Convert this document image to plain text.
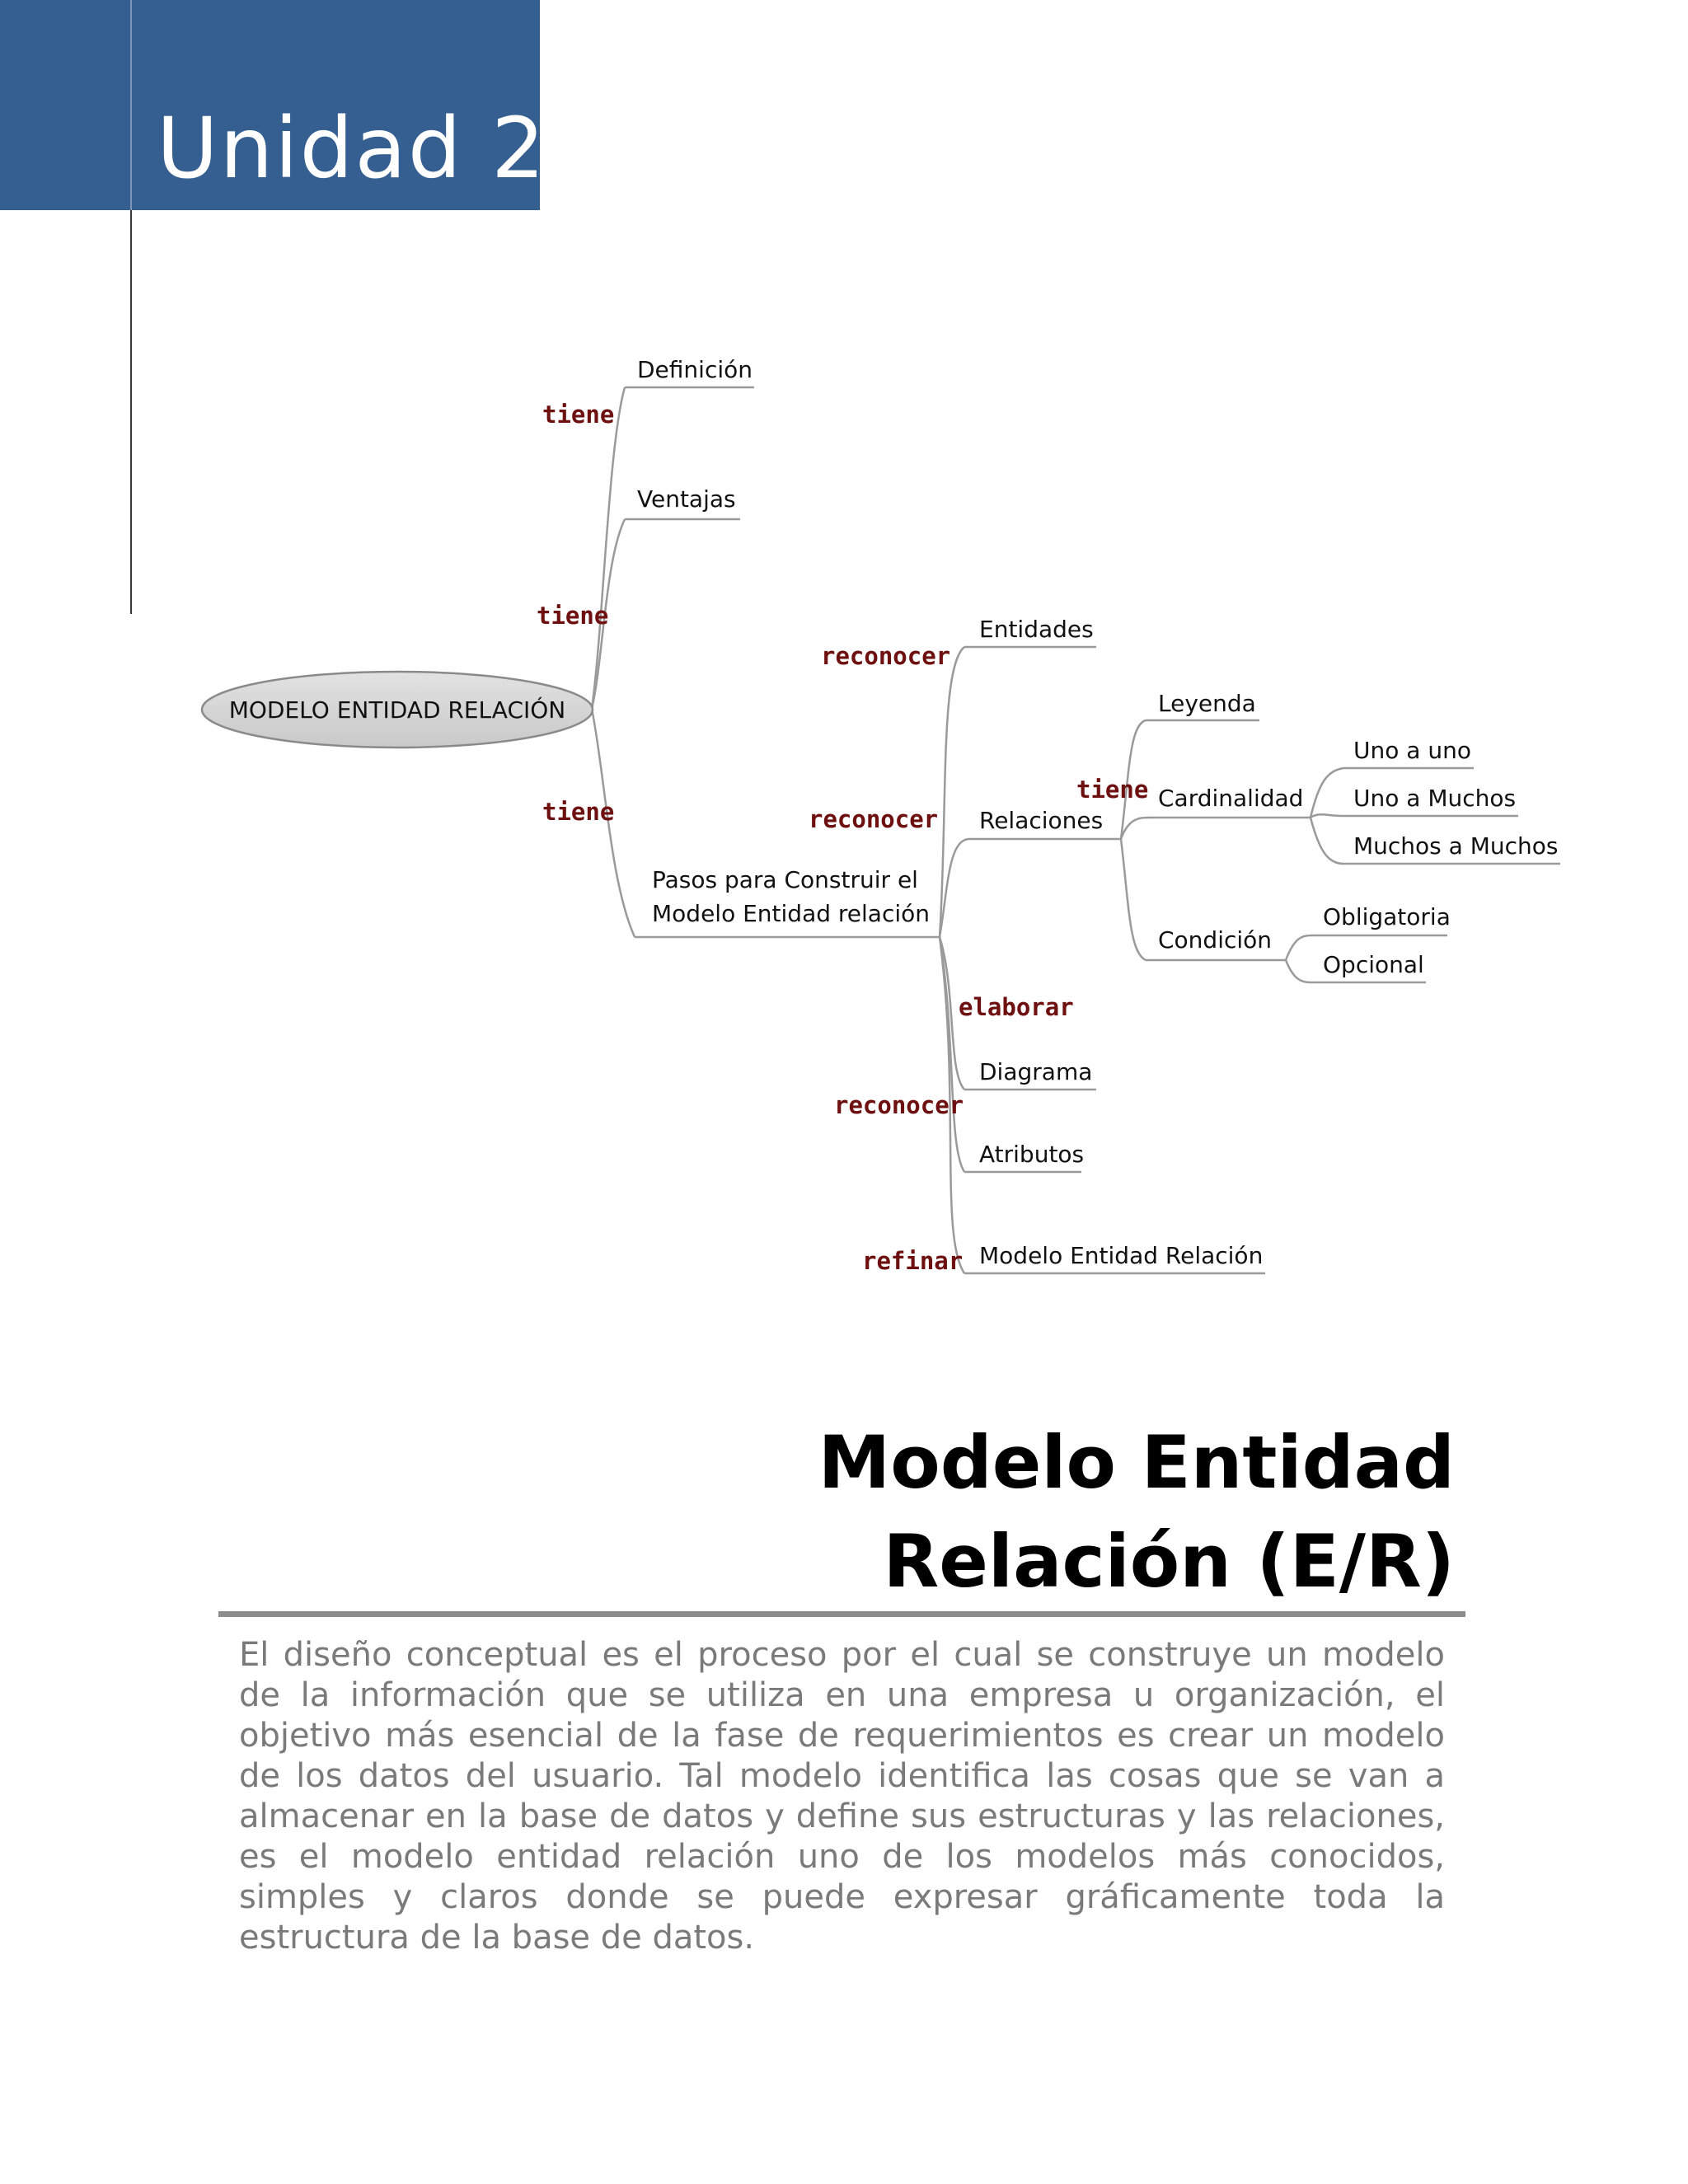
Unidad 2
MODELO ENTIDAD RELACIÓN
tiene
tiene
tiene
reconocer
reconocer
tiene
elaborar
reconocer
refinar
Definición
Ventajas
Pasos para Construir el
Modelo Entidad relación
Entidades
Relaciones
Leyenda
Cardinalidad
Uno a uno
Uno a Muchos
Muchos a Muchos
Condición
Obligatoria
Opcional
Diagrama
Atributos
Modelo Entidad Relación
Modelo Entidad
Relación (E/R)

El diseño conceptual es el proceso por el cual se construye un modelo de la información que se utiliza en una empresa u organización, el objetivo más esencial de la fase de requerimientos es crear un modelo de los datos del usuario. Tal modelo identifica las cosas que se van a almacenar en la base de datos y define sus estructuras y las relaciones, es el modelo entidad relación uno de los modelos más conocidos, simples y claros donde se puede expresar gráficamente toda la estructura de la base de datos.
